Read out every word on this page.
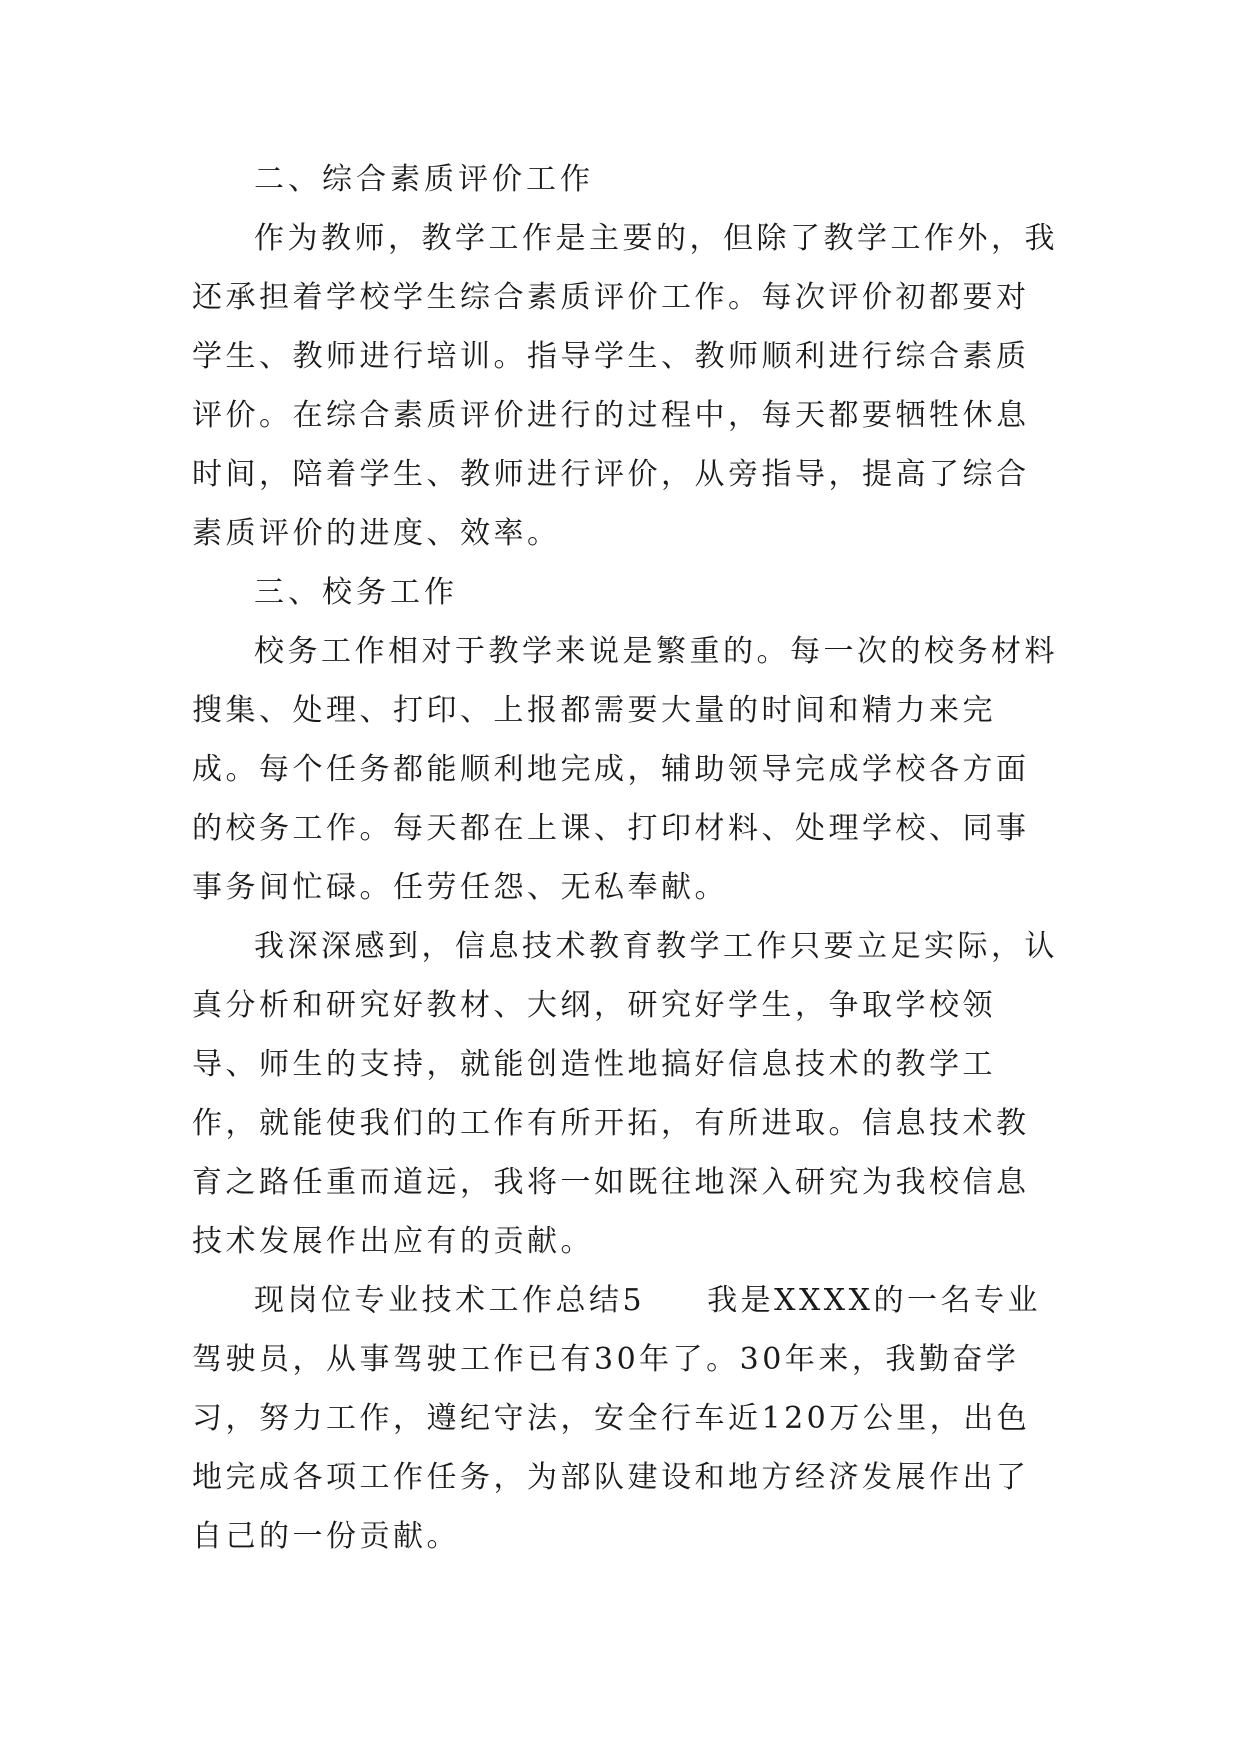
二、综合素质评价工作

作为教师，教学工作是主要的，但除了教学工作外，我还承担着学校学生综合素质评价工作。每次评价初都要对学生、教师进行培训。指导学生、教师顺利进行综合素质评价。在综合素质评价进行的过程中，每天都要牺牲休息时间，陪着学生、教师进行评价，从旁指导，提高了综合素质评价的进度、效率。

三、校务工作

校务工作相对于教学来说是繁重的。每一次的校务材料搜集、处理、打印、上报都需要大量的时间和精力来完成。每个任务都能顺利地完成，辅助领导完成学校各方面的校务工作。每天都在上课、打印材料、处理学校、同事事务间忙碌。任劳任怨、无私奉献。

我深深感到，信息技术教育教学工作只要立足实际，认真分析和研究好教材、大纲，研究好学生，争取学校领导、师生的支持，就能创造性地搞好信息技术的教学工作，就能使我们的工作有所开拓，有所进取。信息技术教育之路任重而道远，我将一如既往地深入研究为我校信息技术发展作出应有的贡献。

现岗位专业技术工作总结5 我是XXXX的一名专业驾驶员，从事驾驶工作已有30年了。30年来，我勤奋学习，努力工作，遵纪守法，安全行车近120万公里，出色地完成各项工作任务，为部队建设和地方经济发展作出了自己的一份贡献。
